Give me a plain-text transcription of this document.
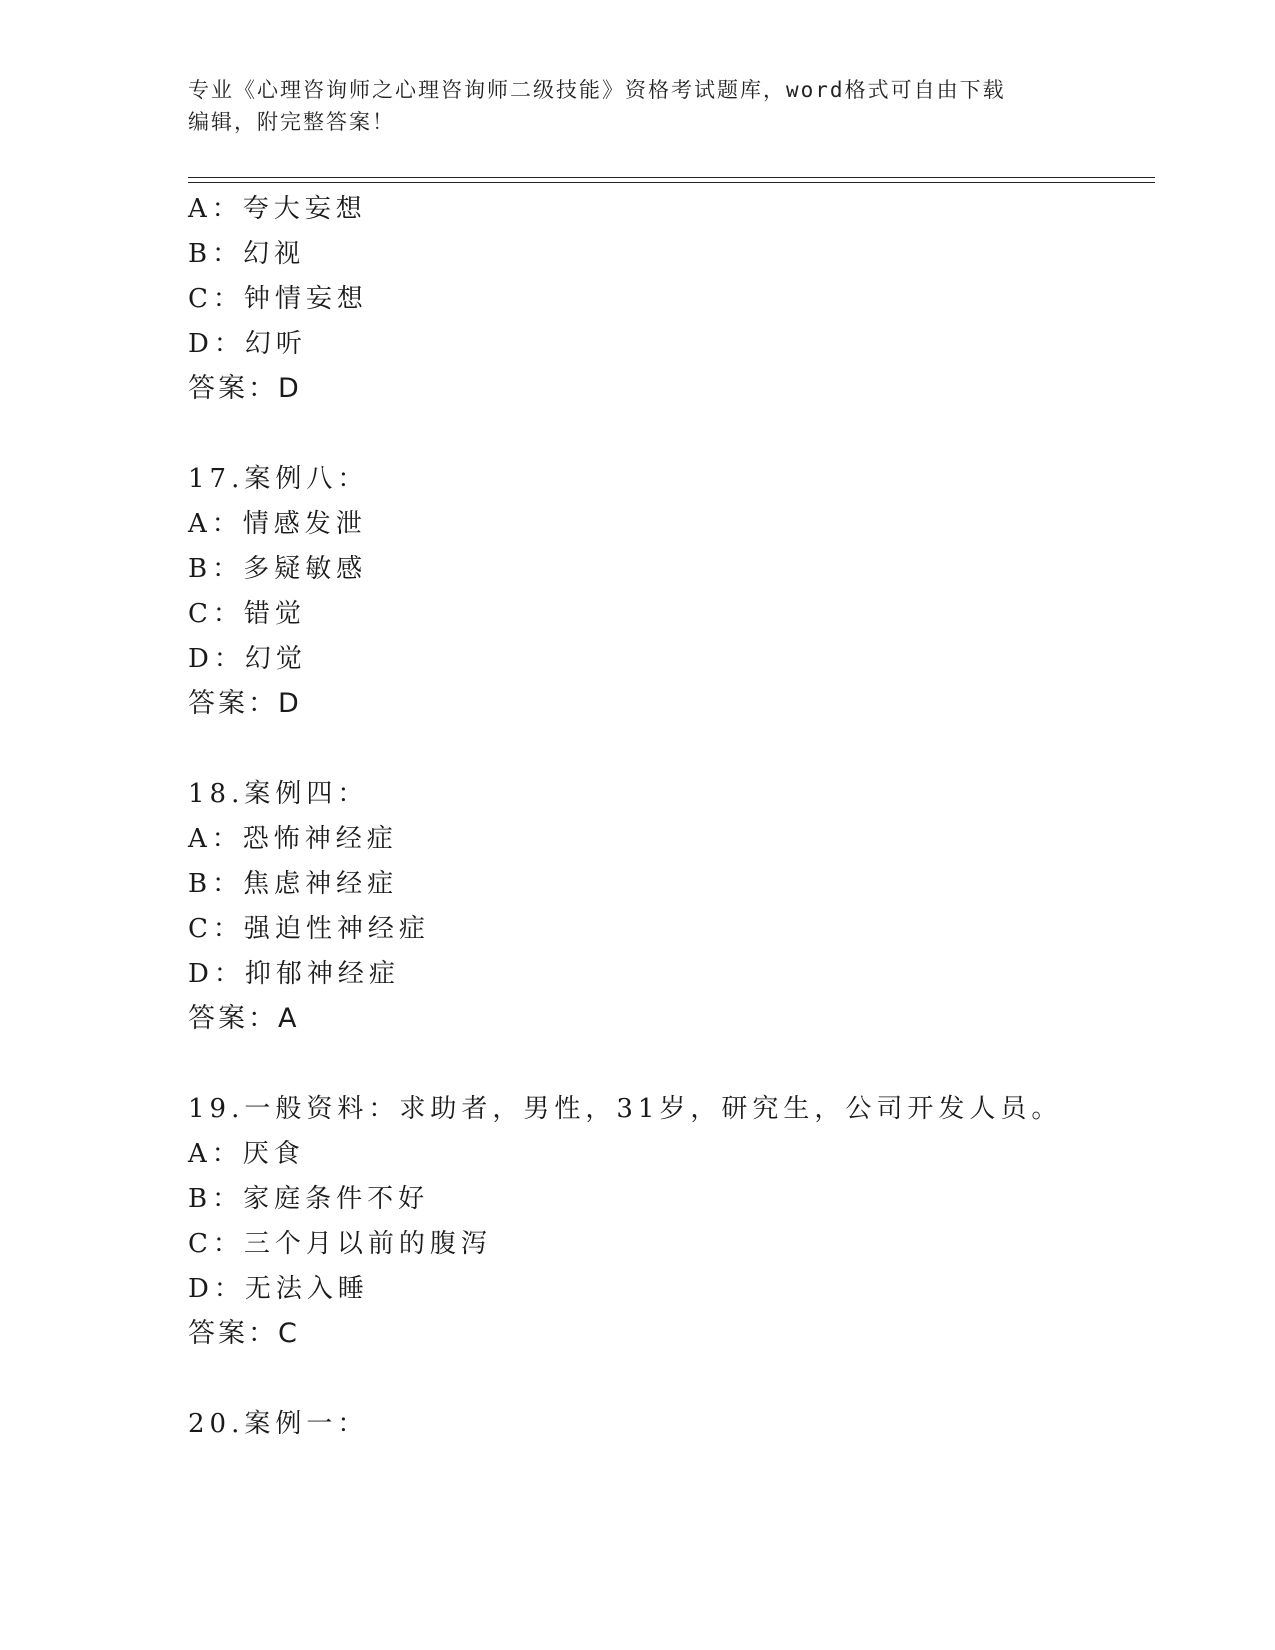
专业《心理咨询师之心理咨询师二级技能》资格考试题库，word格式可自由下载
编辑，附完整答案！
A：夸大妄想
B：幻视
C：钟情妄想
D：幻听
答案：D
17.案例八：
A：情感发泄
B：多疑敏感
C：错觉
D：幻觉
答案：D
18.案例四：
A：恐怖神经症
B：焦虑神经症
C：强迫性神经症
D：抑郁神经症
答案：A
19.一般资料：求助者，男性，31岁，研究生，公司开发人员。
A：厌食
B：家庭条件不好
C：三个月以前的腹泻
D：无法入睡
答案：C
20.案例一：
